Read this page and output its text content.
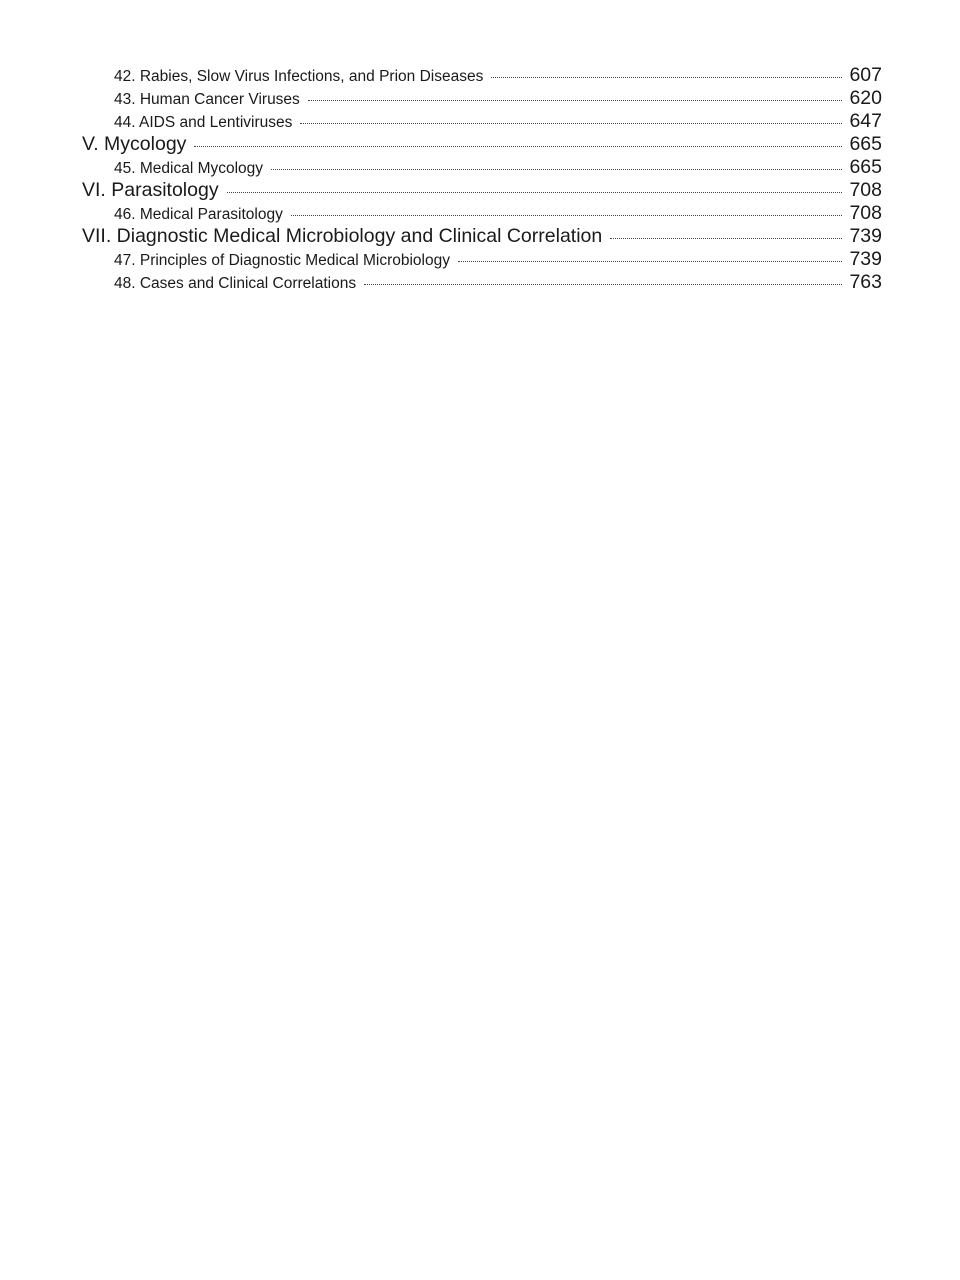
42. Rabies, Slow Virus Infections, and Prion Diseases	607
43. Human Cancer Viruses	620
44. AIDS and Lentiviruses	647
V. Mycology	665
45. Medical Mycology	665
VI. Parasitology	708
46. Medical Parasitology	708
VII. Diagnostic Medical Microbiology and Clinical Correlation	739
47. Principles of Diagnostic Medical Microbiology	739
48. Cases and Clinical Correlations	763
